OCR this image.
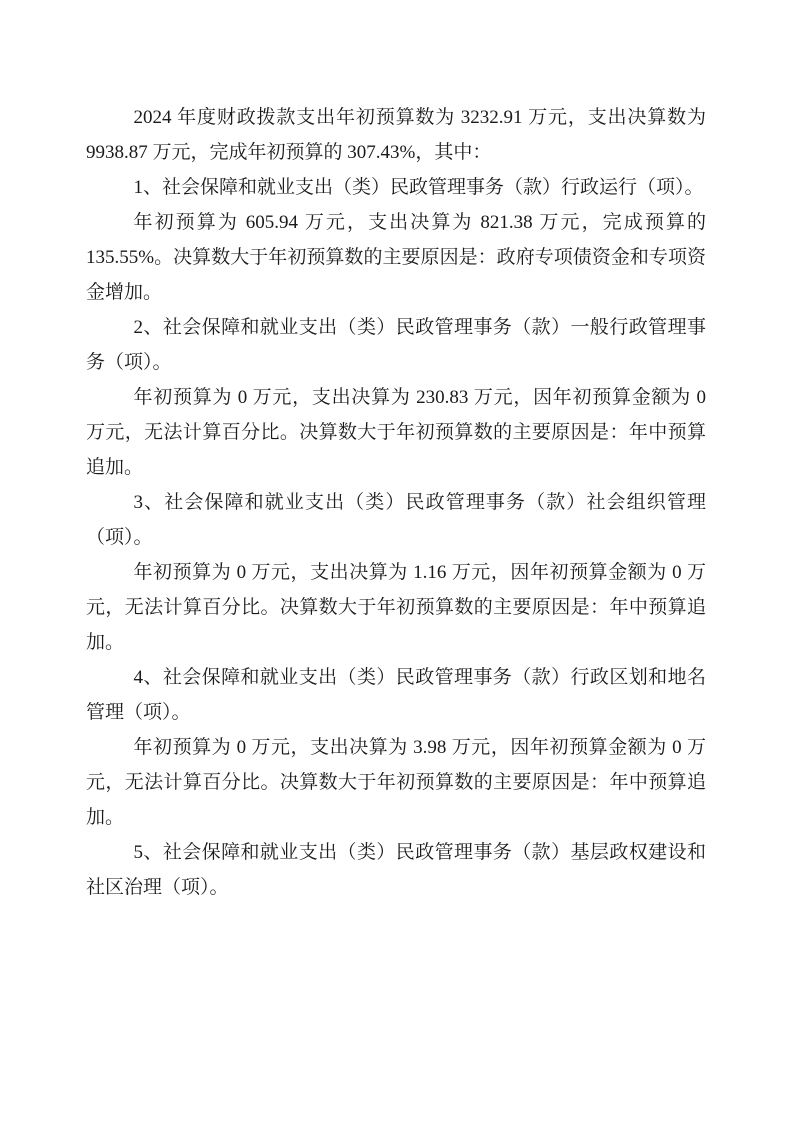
2024 年度财政拨款支出年初预算数为 3232.91 万元，支出决算数为 9938.87 万元，完成年初预算的 307.43%，其中：

1、社会保障和就业支出（类）民政管理事务（款）行政运行（项）。

年初预算为 605.94 万元，支出决算为 821.38 万元，完成预算的 135.55%。决算数大于年初预算数的主要原因是：政府专项债资金和专项资金增加。

2、社会保障和就业支出（类）民政管理事务（款）一般行政管理事务（项）。

年初预算为 0 万元，支出决算为 230.83 万元，因年初预算金额为 0 万元，无法计算百分比。决算数大于年初预算数的主要原因是：年中预算追加。

3、社会保障和就业支出（类）民政管理事务（款）社会组织管理（项）。

年初预算为 0 万元，支出决算为 1.16 万元，因年初预算金额为 0 万元，无法计算百分比。决算数大于年初预算数的主要原因是：年中预算追加。

4、社会保障和就业支出（类）民政管理事务（款）行政区划和地名管理（项）。

年初预算为 0 万元，支出决算为 3.98 万元，因年初预算金额为 0 万元，无法计算百分比。决算数大于年初预算数的主要原因是：年中预算追加。

5、社会保障和就业支出（类）民政管理事务（款）基层政权建设和社区治理（项）。
